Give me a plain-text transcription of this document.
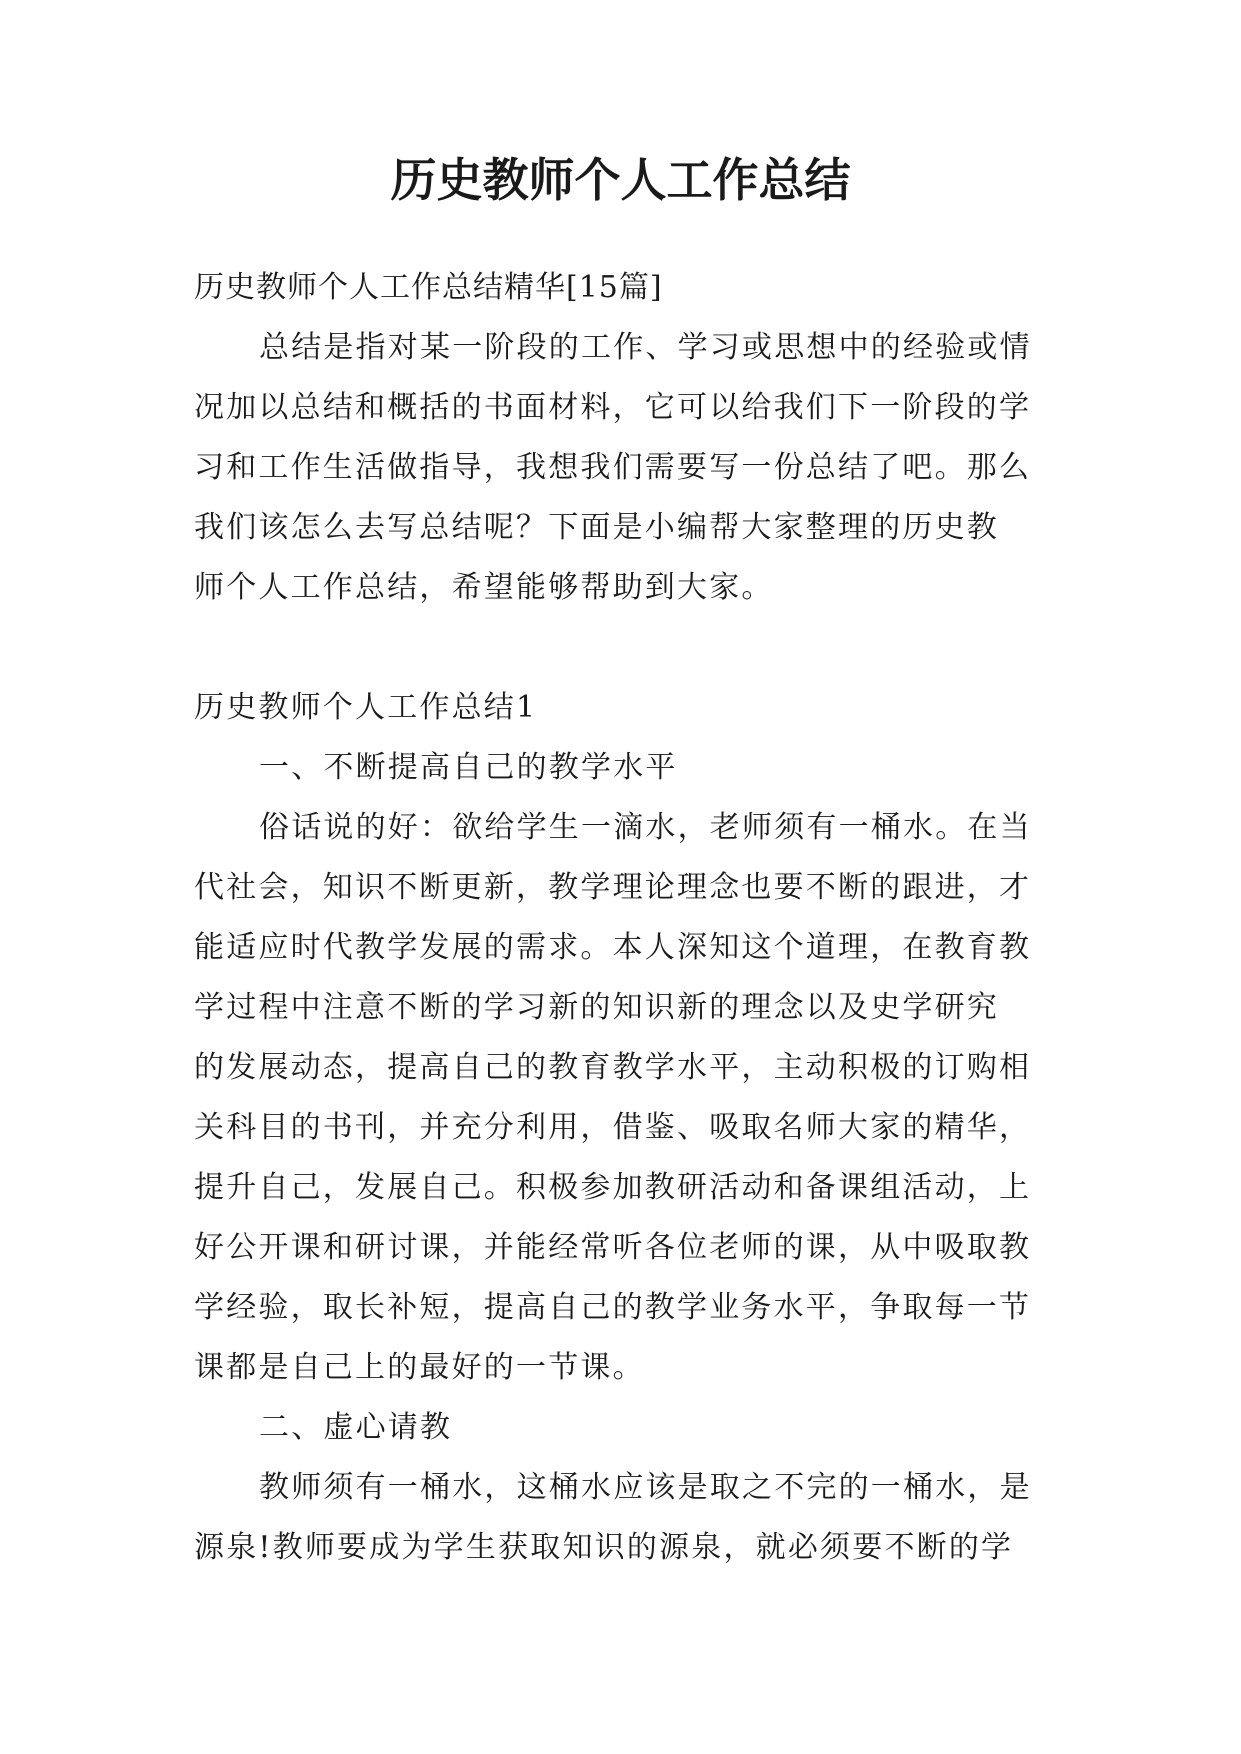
历史教师个人工作总结

历史教师个人工作总结精华[15篇]

总结是指对某一阶段的工作、学习或思想中的经验或情

况加以总结和概括的书面材料，它可以给我们下一阶段的学

习和工作生活做指导，我想我们需要写一份总结了吧。那么

我们该怎么去写总结呢？下面是小编帮大家整理的历史教

师个人工作总结，希望能够帮助到大家。

历史教师个人工作总结1

一、不断提高自己的教学水平

俗话说的好：欲给学生一滴水，老师须有一桶水。在当

代社会，知识不断更新，教学理论理念也要不断的跟进，才

能适应时代教学发展的需求。本人深知这个道理，在教育教

学过程中注意不断的学习新的知识新的理念以及史学研究

的发展动态，提高自己的教育教学水平，主动积极的订购相

关科目的书刊，并充分利用，借鉴、吸取名师大家的精华，

提升自己，发展自己。积极参加教研活动和备课组活动，上

好公开课和研讨课，并能经常听各位老师的课，从中吸取教

学经验，取长补短，提高自己的教学业务水平，争取每一节

课都是自己上的最好的一节课。

二、虚心请教

教师须有一桶水，这桶水应该是取之不完的一桶水，是

源泉!教师要成为学生获取知识的源泉，就必须要不断的学
